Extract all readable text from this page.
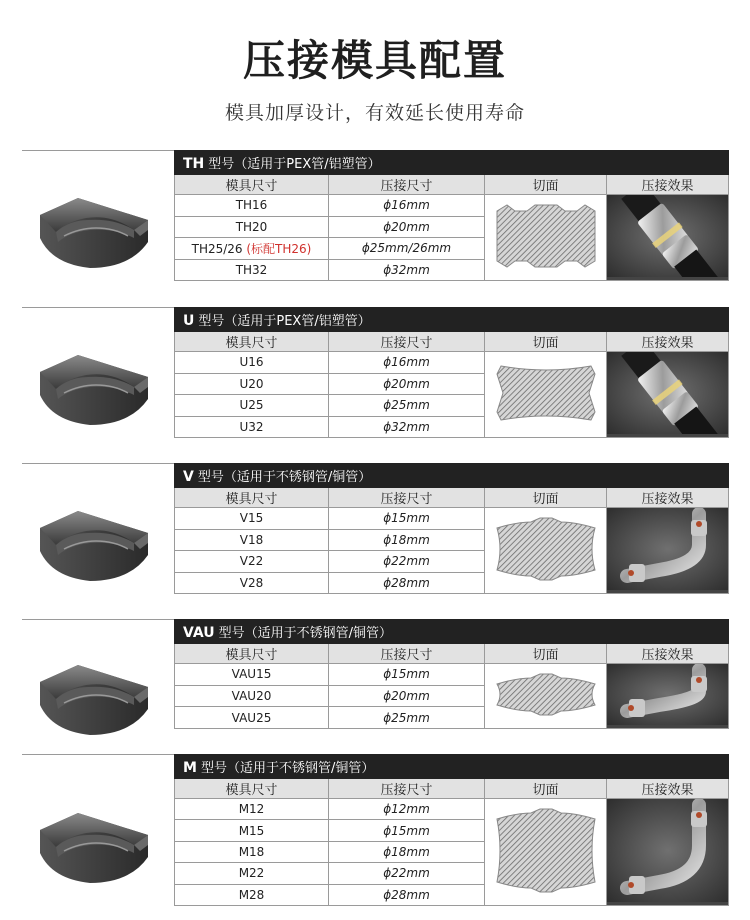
压接模具配置
模具加厚设计，有效延长使用寿命
TH 型号（适用于PEX管/铝塑管）			
模具尺寸	压接尺寸	切面	压接效果
TH16	ϕ16mm		
TH20	ϕ20mm		
TH25/26 (标配TH26)	ϕ25mm/26mm		
TH32	ϕ32mm		
U 型号（适用于PEX管/铝塑管）			
模具尺寸	压接尺寸	切面	压接效果
U16	ϕ16mm		
U20	ϕ20mm		
U25	ϕ25mm		
U32	ϕ32mm		
V 型号（适用于不锈钢管/铜管）			
模具尺寸	压接尺寸	切面	压接效果
V15	ϕ15mm		
V18	ϕ18mm		
V22	ϕ22mm		
V28	ϕ28mm		
VAU 型号（适用于不锈钢管/铜管）			
模具尺寸	压接尺寸	切面	压接效果
VAU15	ϕ15mm		
VAU20	ϕ20mm		
VAU25	ϕ25mm		
M 型号（适用于不锈钢管/铜管）			
模具尺寸	压接尺寸	切面	压接效果
M12	ϕ12mm		
M15	ϕ15mm		
M18	ϕ18mm		
M22	ϕ22mm		
M28	ϕ28mm		
